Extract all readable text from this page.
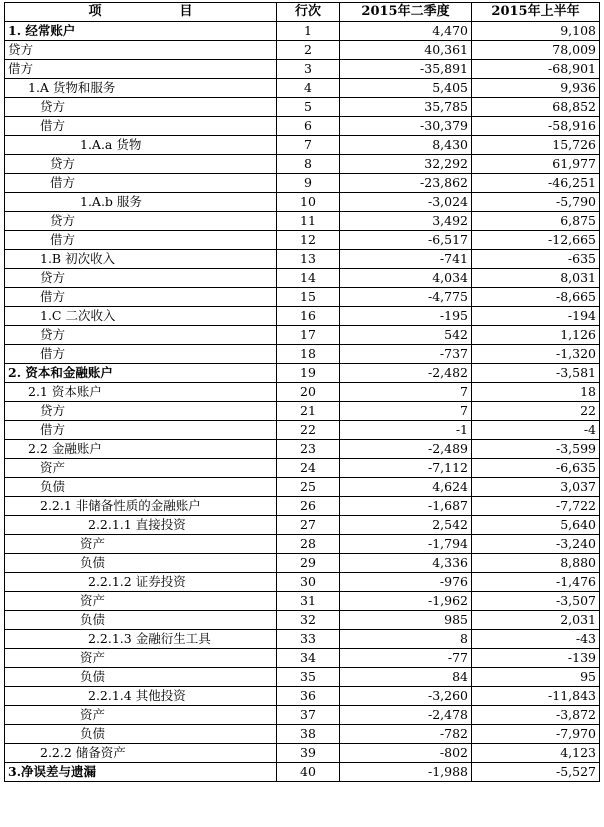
项 目	行次	2015年二季度	2015年上半年
1. 经常账户	1	4,470	9,108
贷方	2	40,361	78,009
借方	3	-35,891	-68,901
1.A 货物和服务	4	5,405	9,936
贷方	5	35,785	68,852
借方	6	-30,379	-58,916
1.A.a 货物	7	8,430	15,726
贷方	8	32,292	61,977
借方	9	-23,862	-46,251
1.A.b 服务	10	-3,024	-5,790
贷方	11	3,492	6,875
借方	12	-6,517	-12,665
1.B 初次收入	13	-741	-635
贷方	14	4,034	8,031
借方	15	-4,775	-8,665
1.C 二次收入	16	-195	-194
贷方	17	542	1,126
借方	18	-737	-1,320
2. 资本和金融账户	19	-2,482	-3,581
2.1 资本账户	20	7	18
贷方	21	7	22
借方	22	-1	-4
2.2 金融账户	23	-2,489	-3,599
资产	24	-7,112	-6,635
负债	25	4,624	3,037
2.2.1 非储备性质的金融账户	26	-1,687	-7,722
2.2.1.1 直接投资	27	2,542	5,640
资产	28	-1,794	-3,240
负债	29	4,336	8,880
2.2.1.2 证券投资	30	-976	-1,476
资产	31	-1,962	-3,507
负债	32	985	2,031
2.2.1.3 金融衍生工具	33	8	-43
资产	34	-77	-139
负债	35	84	95
2.2.1.4 其他投资	36	-3,260	-11,843
资产	37	-2,478	-3,872
负债	38	-782	-7,970
2.2.2 储备资产	39	-802	4,123
3.净误差与遗漏	40	-1,988	-5,527
